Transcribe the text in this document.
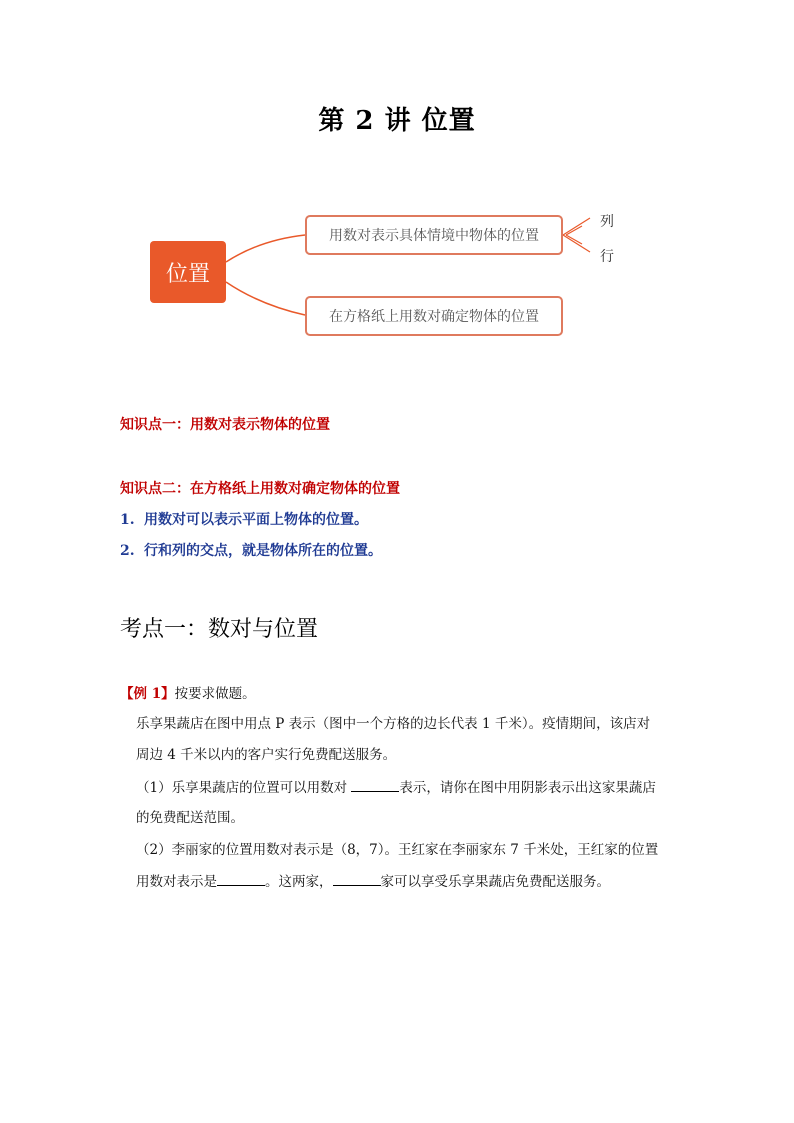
第 2 讲 位置
位置
用数对表示具体情境中物体的位置
在方格纸上用数对确定物体的位置
列
行
知识点一：用数对表示物体的位置
知识点二：在方格纸上用数对确定物体的位置
1. 用数对可以表示平面上物体的位置。
2. 行和列的交点，就是物体所在的位置。
考点一：数对与位置
【例 1】按要求做题。
乐享果蔬店在图中用点 P 表示（图中一个方格的边长代表 1 千米）。疫情期间，该店对
周边 4 千米以内的客户实行免费配送服务。
（1）乐享果蔬店的位置可以用数对	表示，请你在图中用阴影表示出这家果蔬店
的免费配送范围。
（2）李丽家的位置用数对表示是（8，7）。王红家在李丽家东 7 千米处，王红家的位置
用数对表示是	。这两家，	家可以享受乐享果蔬店免费配送服务。
